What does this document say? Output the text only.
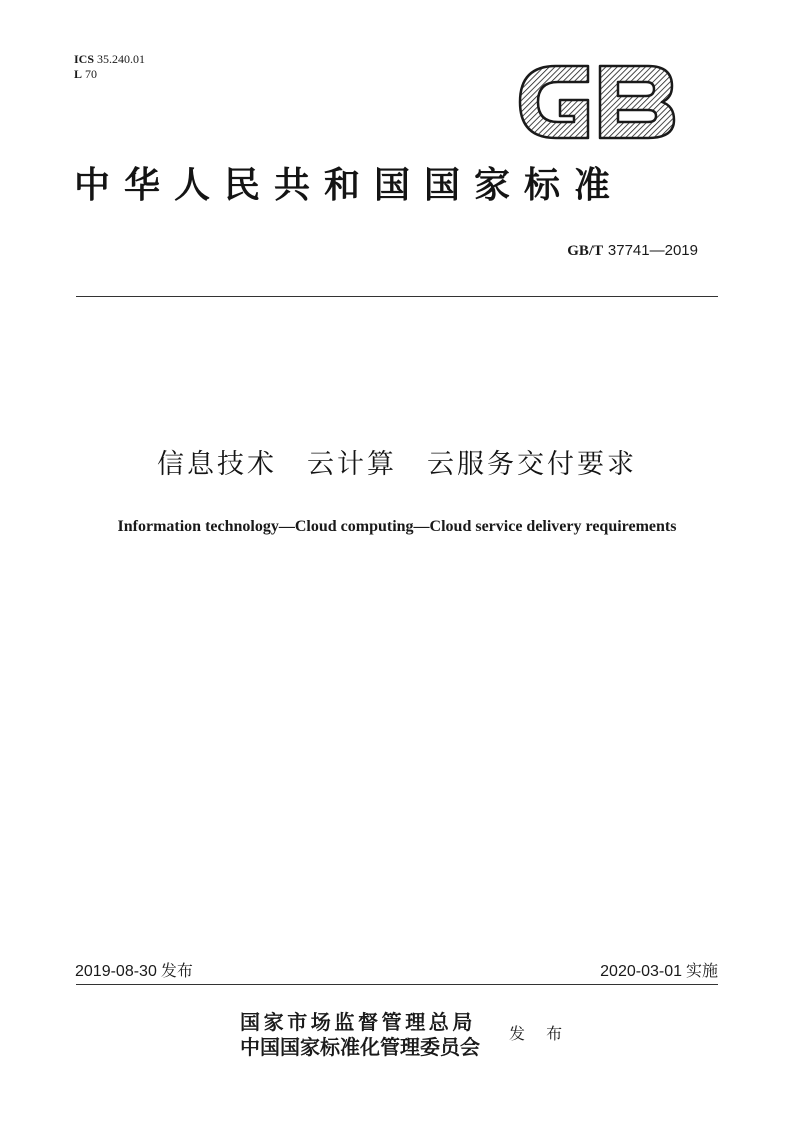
ICS 35.240.01
L 70
中华人民共和国国家标准
GB/T 37741—2019
信息技术　云计算　云服务交付要求
Information technology—Cloud computing—Cloud service delivery requirements
2019-08-30 发布	2020-03-01 实施
国家市场监督管理总局
中国国家标准化管理委员会
发 布
